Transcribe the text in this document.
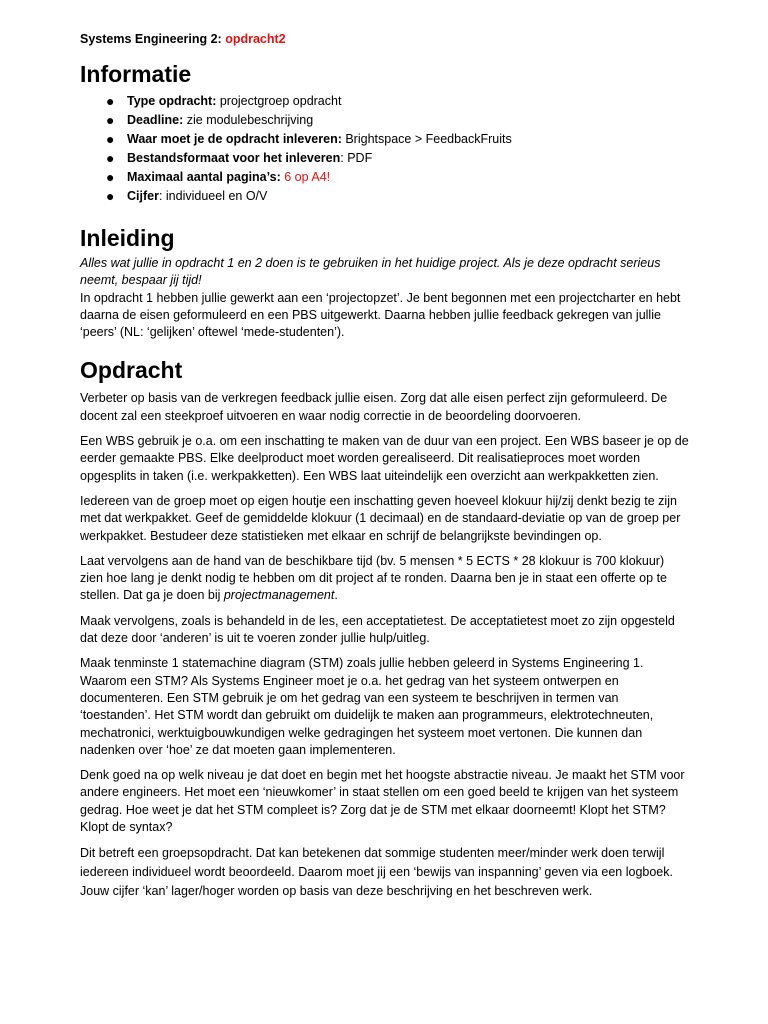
Systems Engineering 2: opdracht2

Informatie
● Type opdracht: projectgroep opdracht
● Deadline: zie modulebeschrijving
● Waar moet je de opdracht inleveren: Brightspace > FeedbackFruits
● Bestandsformaat voor het inleveren: PDF
● Maximaal aantal pagina’s: 6 op A4!
● Cijfer: individueel en O/V
Inleiding

Alles wat jullie in opdracht 1 en 2 doen is te gebruiken in het huidige project. Als je deze opdracht serieus neemt, bespaar jij tijd!

In opdracht 1 hebben jullie gewerkt aan een ‘projectopzet’. Je bent begonnen met een projectcharter en hebt daarna de eisen geformuleerd en een PBS uitgewerkt. Daarna hebben jullie feedback gekregen van jullie ‘peers’ (NL: ‘gelijken’ oftewel ‘mede-studenten’).

Opdracht

Verbeter op basis van de verkregen feedback jullie eisen. Zorg dat alle eisen perfect zijn geformuleerd. De docent zal een steekproef uitvoeren en waar nodig correctie in de beoordeling doorvoeren.

Een WBS gebruik je o.a. om een inschatting te maken van de duur van een project. Een WBS baseer je op de eerder gemaakte PBS. Elke deelproduct moet worden gerealiseerd. Dit realisatieproces moet worden opgesplits in taken (i.e. werkpakketten). Een WBS laat uiteindelijk een overzicht aan werkpakketten zien.

Iedereen van de groep moet op eigen houtje een inschatting geven hoeveel klokuur hij/zij denkt bezig te zijn met dat werkpakket. Geef de gemiddelde klokuur (1 decimaal) en de standaard-deviatie op van de groep per werkpakket. Bestudeer deze statistieken met elkaar en schrijf de belangrijkste bevindingen op.

Laat vervolgens aan de hand van de beschikbare tijd (bv. 5 mensen * 5 ECTS * 28 klokuur is 700 klokuur) zien hoe lang je denkt nodig te hebben om dit project af te ronden. Daarna ben je in staat een offerte op te stellen. Dat ga je doen bij projectmanagement.

Maak vervolgens, zoals is behandeld in de les, een acceptatietest. De acceptatietest moet zo zijn opgesteld dat deze door ‘anderen’ is uit te voeren zonder jullie hulp/uitleg.

Maak tenminste 1 statemachine diagram (STM) zoals jullie hebben geleerd in Systems Engineering 1. Waarom een STM? Als Systems Engineer moet je o.a. het gedrag van het systeem ontwerpen en documenteren. Een STM gebruik je om het gedrag van een systeem te beschrijven in termen van ‘toestanden’. Het STM wordt dan gebruikt om duidelijk te maken aan programmeurs, elektrotechneuten, mechatronici, werktuigbouwkundigen welke gedragingen het systeem moet vertonen. Die kunnen dan nadenken over ‘hoe’ ze dat moeten gaan implementeren.

Denk goed na op welk niveau je dat doet en begin met het hoogste abstractie niveau. Je maakt het STM voor andere engineers. Het moet een ‘nieuwkomer’ in staat stellen om een goed beeld te krijgen van het systeem gedrag. Hoe weet je dat het STM compleet is? Zorg dat je de STM met elkaar doorneemt! Klopt het STM? Klopt de syntax?

Dit betreft een groepsopdracht. Dat kan betekenen dat sommige studenten meer/minder werk doen terwijl iedereen individueel wordt beoordeeld. Daarom moet jij een ‘bewijs van inspanning’ geven via een logboek. Jouw cijfer ‘kan’ lager/hoger worden op basis van deze beschrijving en het beschreven werk.
